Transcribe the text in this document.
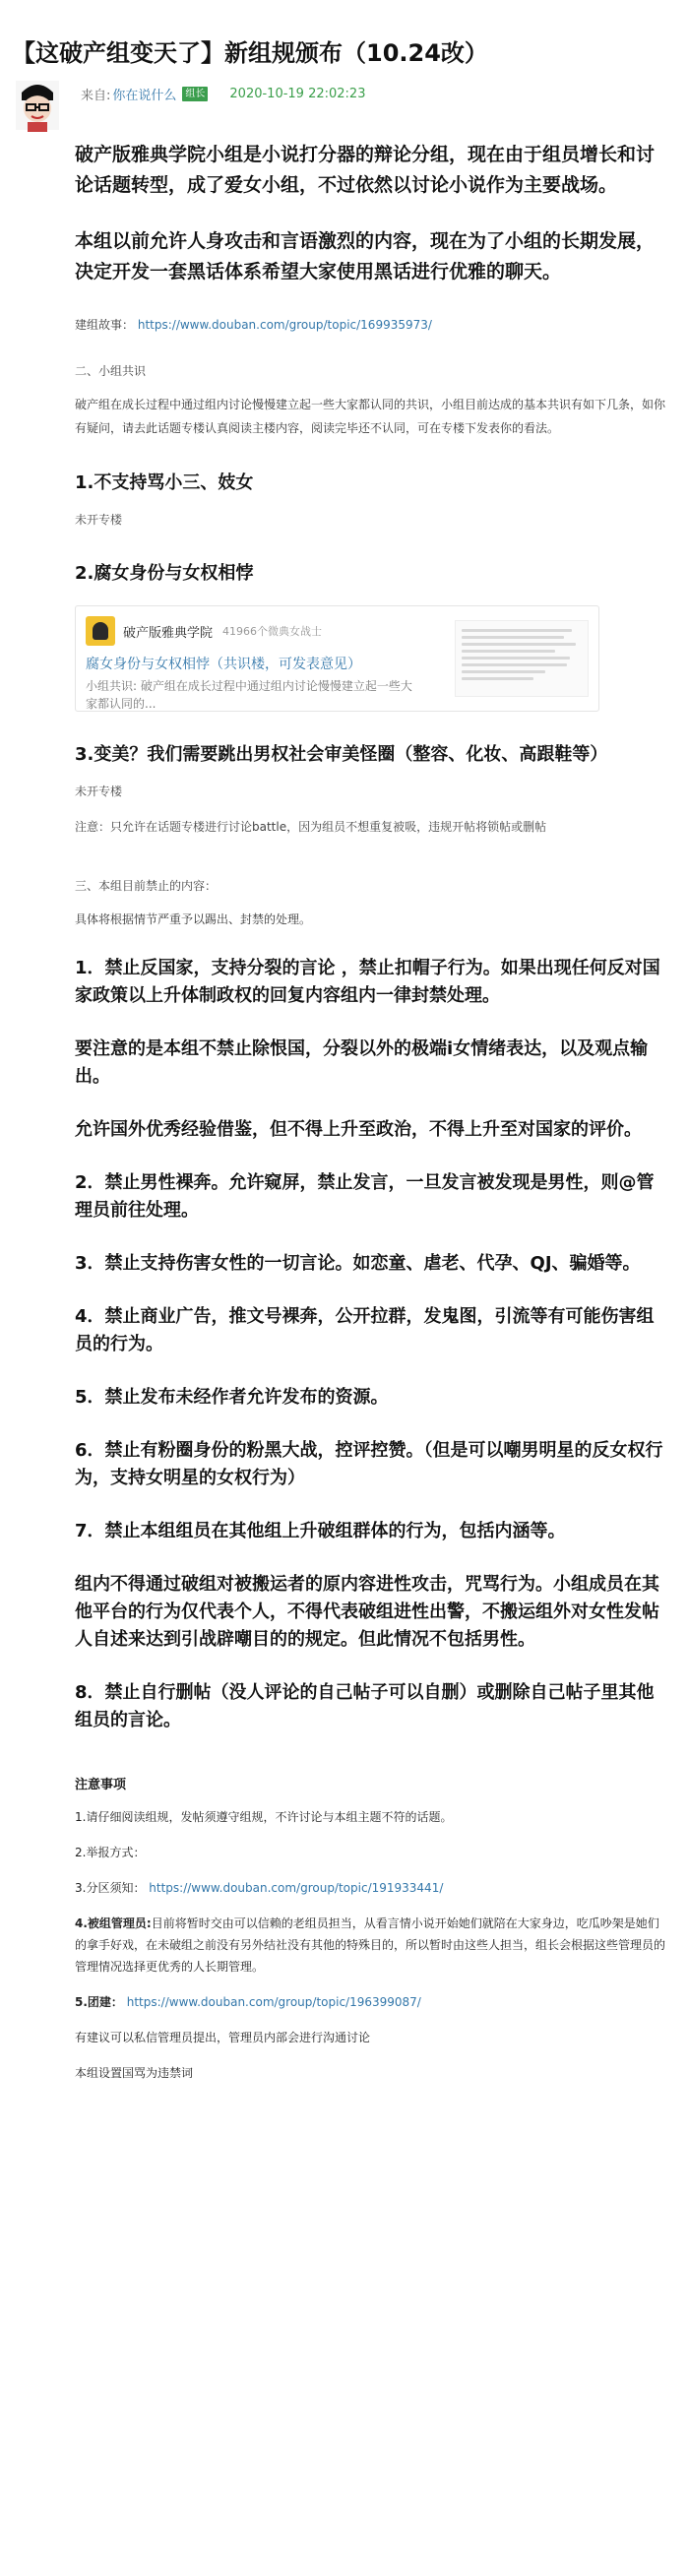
【这破产组变天了】新组规颁布（10.24改）
来自: 你在说什么 组长 2020-10-19 22:02:23

破产版雅典学院小组是小说打分器的辩论分组，现在由于组员增长和讨论话题转型，成了爱女小组，不过依然以讨论小说作为主要战场。

本组以前允许人身攻击和言语激烈的内容，现在为了小组的长期发展，决定开发一套黑话体系希望大家使用黑话进行优雅的聊天。

建组故事： https://www.douban.com/group/topic/169935973/

二、小组共识

破产组在成长过程中通过组内讨论慢慢建立起一些大家都认同的共识，小组目前达成的基本共识有如下几条，如你有疑问，请去此话题专楼认真阅读主楼内容，阅读完毕还不认同，可在专楼下发表你的看法。

1.不支持骂小三、妓女

未开专楼

2.腐女身份与女权相悖
破产版雅典学院 41966个微典女战士
腐女身份与女权相悖（共识楼，可发表意见）

小组共识: 破产组在成长过程中通过组内讨论慢慢建立起一些大家都认同的...

3.变美？我们需要跳出男权社会审美怪圈（整容、化妆、高跟鞋等）

未开专楼

注意：只允许在话题专楼进行讨论battle，因为组员不想重复被吸，违规开帖将锁帖或删帖

三、本组目前禁止的内容：

具体将根据情节严重予以踢出、封禁的处理。

1．禁止反国家，支持分裂的言论 ，禁止扣帽子行为。如果出现任何反对国家政策以上升体制政权的回复内容组内一律封禁处理。

要注意的是本组不禁止除恨国，分裂以外的极端i女情绪表达，以及观点输出。

允许国外优秀经验借鉴，但不得上升至政治，不得上升至对国家的评价。

2．禁止男性裸奔。允许窥屏，禁止发言，一旦发言被发现是男性，则@管理员前往处理。

3．禁止支持伤害女性的一切言论。如恋童、虐老、代孕、QJ、骗婚等。

4．禁止商业广告，推文号裸奔，公开拉群，发鬼图，引流等有可能伤害组员的行为。

5．禁止发布未经作者允许发布的资源。

6．禁止有粉圈身份的粉黑大战，控评控赞。（但是可以嘲男明星的反女权行为，支持女明星的女权行为）

7．禁止本组组员在其他组上升破组群体的行为，包括内涵等。

组内不得通过破组对被搬运者的原内容进性攻击，咒骂行为。小组成员在其他平台的行为仅代表个人，不得代表破组进性出警，不搬运组外对女性发帖人自述来达到引战辟嘲目的的规定。但此情况不包括男性。

8．禁止自行删帖（没人评论的自己帖子可以自删）或删除自己帖子里其他组员的言论。

注意事项

1.请仔细阅读组规，发帖须遵守组规，不许讨论与本组主题不符的话题。

2.举报方式：

3.分区须知： https://www.douban.com/group/topic/191933441/

4.被组管理员:目前将暂时交由可以信赖的老组员担当，从看言情小说开始她们就陪在大家身边，吃瓜吵架是她们的拿手好戏，在未破组之前没有另外结社没有其他的特殊目的，所以暂时由这些人担当，组长会根据这些管理员的管理情况选择更优秀的人长期管理。

5.团建： https://www.douban.com/group/topic/196399087/

有建议可以私信管理员提出，管理员内部会进行沟通讨论

本组设置国骂为违禁词
